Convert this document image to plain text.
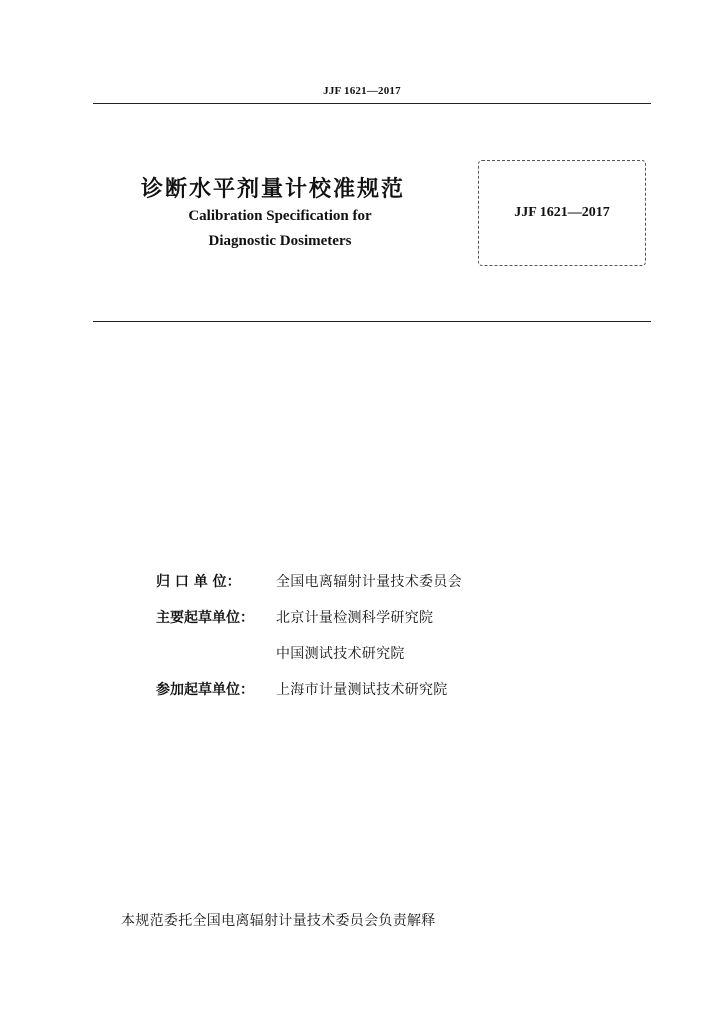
JJF 1621—2017
诊断水平剂量计校准规范
Calibration Specification for
Diagnostic Dosimeters
JJF 1621—2017
归 口 单 位：	全国电离辐射计量技术委员会
主要起草单位：	北京计量检测科学研究院
中国测试技术研究院
参加起草单位：	上海市计量测试技术研究院
本规范委托全国电离辐射计量技术委员会负责解释
